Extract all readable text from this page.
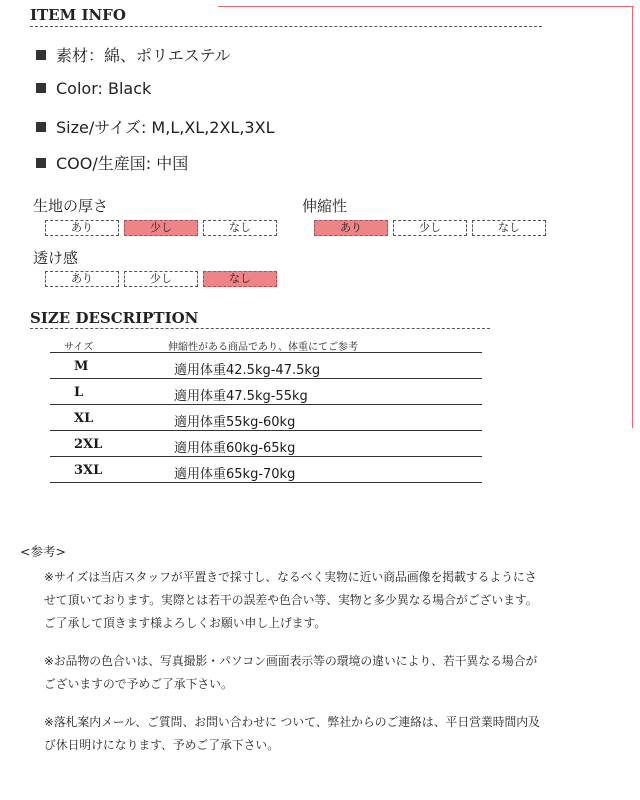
ITEM INFO
素材：綿、ポリエステル
Color: Black
Size/サイズ: M,L,XL,2XL,3XL
COO/生産国: 中国
生地の厚さ
あり	少し	なし
伸縮性
あり	少し	なし
透け感
あり	少し	なし
SIZE DESCRIPTION
サイズ	伸縮性がある商品であり、体重にてご参考
M	適用体重42.5kg-47.5kg
L	適用体重47.5kg-55kg
XL	適用体重55kg-60kg
2XL	適用体重60kg-65kg
3XL	適用体重65kg-70kg
<参考>
※サイズは当店スタッフが平置きで採寸し、なるべく実物に近い商品画像を掲載するようにさせて頂いております。実際とは若干の誤差や色合い等、実物と多少異なる場合がございます。ご了承して頂きます様よろしくお願い申し上げます。
※お品物の色合いは、写真撮影・パソコン画面表示等の環境の違いにより、若干異なる場合がございますので予めご了承下さい。
※落札案内メール、ご質問、お問い合わせに ついて、弊社からのご連絡は、平日営業時間内及び休日明けになります、予めご了承下さい。
